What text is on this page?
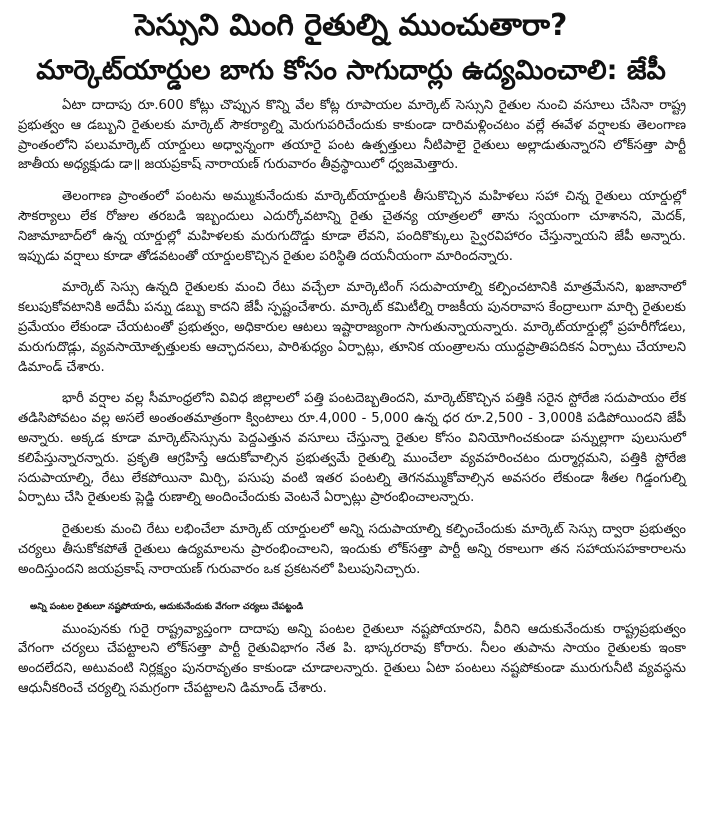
సెస్సుని మింగి రైతుల్ని ముంచుతారా?
మార్కెట్‌యార్డుల బాగు కోసం సాగుదార్లు ఉద్యమించాలి: జేపీ

ఏటా దాదాపు రూ.600 కోట్లు చొప్పున కొన్ని వేల కోట్ల రూపాయల మార్కెట్ సెస్సుని రైతుల నుంచి వసూలు చేసినా రాష్ట్ర ప్రభుత్వం ఆ డబ్బుని రైతులకు మార్కెట్ సౌకర్యాల్ని మెరుగుపరిచేందుకు కాకుండా దారిమళ్లించటం వల్లే ఈవేళ వర్షాలకు తెలంగాణ ప్రాంతంలోని పలుమార్కెట్ యార్డులు అధ్వాన్నంగా తయారై పంట ఉత్పత్తులు నీటిపాలై రైతులు అల్లాడుతున్నారని లోక్‌సత్తా పార్టీ జాతీయ అధ్యక్షుడు డా॥ జయప్రకాష్ నారాయణ్ గురువారం తీవ్రస్థాయిలో ధ్వజమెత్తారు.

తెలంగాణ ప్రాంతంలో పంటను అమ్ముకునేందుకు మార్కెట్‌యార్డులకి తీసుకొచ్చిన మహిళలు సహా చిన్న రైతులు యార్డుల్లో సౌకర్యాలు లేక రోజుల తరబడి ఇబ్బందులు ఎదుర్కోవటాన్ని రైతు చైతన్య యాత్రలలో తాను స్వయంగా చూశానని, మెదక్, నిజామాబాద్‌లో ఉన్న యార్డుల్లో మహిళలకు మరుగుదొడ్డు కూడా లేవని, పందికొక్కులు స్వైరవిహారం చేస్తున్నాయని జేపీ అన్నారు. ఇప్పుడు వర్షాలు కూడా తోడవటంతో యార్డులకొచ్చిన రైతుల పరిస్థితి దయనీయంగా మారిందన్నారు.

మార్కెట్ సెస్సు ఉన్నది రైతులకు మంచి రేటు వచ్చేలా మార్కెటింగ్ సదుపాయాల్ని కల్పించటానికి మాత్రమేనని, ఖజానాలో కలుపుకోవటానికి అదేమీ పన్ను డబ్బు కాదని జేపీ స్పష్టంచేశారు. మార్కెట్ కమిటీల్ని రాజకీయ పునరావాస కేంద్రాలుగా మార్చి రైతులకు ప్రమేయం లేకుండా చేయటంతో ప్రభుత్వం, అధికారుల ఆటలు ఇష్టారాజ్యంగా సాగుతున్నాయన్నారు. మార్కెట్‌యార్డుల్లో ప్రహరీగోడలు, మరుగుదొడ్లు, వ్యవసాయోత్పత్తులకు ఆచ్ఛాదనలు, పారిశుధ్యం ఏర్పాట్లు, తూనిక యంత్రాలను యుద్ధప్రాతిపదికన ఏర్పాటు చేయాలని డిమాండ్ చేశారు.

భారీ వర్షాల వల్ల సీమాంధ్రలోని వివిధ జిల్లాలలో పత్తి పంటదెబ్బతిందని, మార్కెట్‌కొచ్చిన పత్తికి సరైన స్టోరేజి సదుపాయం లేక తడిసిపోవటం వల్ల అసలే అంతంతమాత్రంగా క్వింటాలు రూ.4,000 - 5,000 ఉన్న ధర రూ.2,500 - 3,000కి పడిపోయిందని జేపీ అన్నారు. అక్కడ కూడా మార్కెట్‌సెస్సును పెద్దఎత్తున వసూలు చేస్తున్నా రైతుల కోసం వినియోగించకుండా పన్నుల్లాగా పులుసులో కలిపేస్తున్నారన్నారు. ప్రకృతి ఆగ్రహిస్తే ఆదుకోవాల్సిన ప్రభుత్వమే రైతుల్ని ముంచేలా వ్యవహరించటం దుర్మార్గమని, పత్తికి స్టోరేజి సదుపాయాల్ని, రేటు లేకపోయినా మిర్చి, పసుపు వంటి ఇతర పంటల్ని తెగనమ్ముకోవాల్సిన అవసరం లేకుండా శీతల గిడ్డంగుల్ని ఏర్పాటు చేసి రైతులకు ప్లెడ్జి రుణాల్ని అందించేందుకు వెంటనే ఏర్పాట్లు ప్రారంభించాలన్నారు.

రైతులకు మంచి రేటు లభించేలా మార్కెట్ యార్డులలో అన్ని సదుపాయాల్ని కల్పించేందుకు మార్కెట్ సెస్సు ద్వారా ప్రభుత్వం చర్యలు తీసుకోకపోతే రైతులు ఉద్యమాలను ప్రారంభించాలని, ఇందుకు లోక్‌సత్తా పార్టీ అన్ని రకాలుగా తన సహాయసహకారాలను అందిస్తుందని జయప్రకాష్ నారాయణ్ గురువారం ఒక ప్రకటనలో పిలుపునిచ్చారు.

అన్ని పంటల రైతులూ నష్టపోయారు, ఆదుకునేందుకు వేగంగా చర్యలు చేపట్టండి

ముంపునకు గురై రాష్ట్రవ్యాప్తంగా దాదాపు అన్ని పంటల రైతులూ నష్టపోయారని, వీరిని ఆదుకునేందుకు రాష్ట్రప్రభుత్వం వేగంగా చర్యలు చేపట్టాలని లోక్‌సత్తా పార్టీ రైతువిభాగం నేత పి. భాస్కరరావు కోరారు. నీలం తుపాను సాయం రైతులకు ఇంకా అందలేదని, అటువంటి నిర్లక్ష్యం పునరావృతం కాకుండా చూడాలన్నారు. రైతులు ఏటా పంటలు నష్టపోకుండా మురుగునీటి వ్యవస్థను ఆధునీకరించే చర్యల్ని సమగ్రంగా చేపట్టాలని డిమాండ్ చేశారు.
